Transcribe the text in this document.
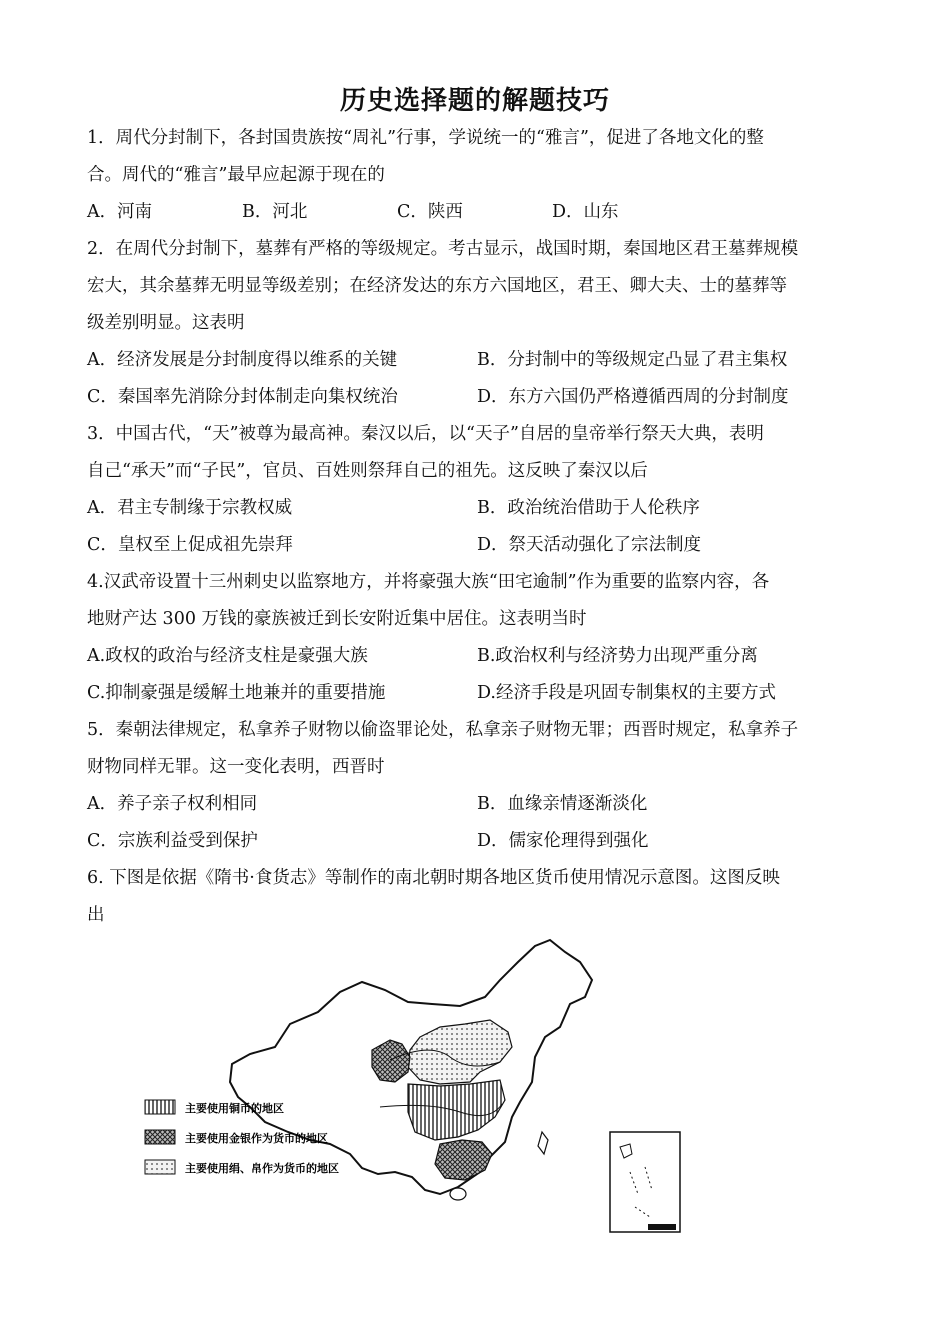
历史选择题的解题技巧

1．周代分封制下，各封国贵族按“周礼”行事，学说统一的“雅言”，促进了各地文化的整

合。周代的“雅言”最早应起源于现在的

A．河南	B．河北	C．陕西	D．山东

2．在周代分封制下，墓葬有严格的等级规定。考古显示，战国时期，秦国地区君王墓葬规模

宏大，其余墓葬无明显等级差别；在经济发达的东方六国地区，君王、卿大夫、士的墓葬等

级差别明显。这表明

A．经济发展是分封制度得以维系的关键	B．分封制中的等级规定凸显了君主集权
C．秦国率先消除分封体制走向集权统治	D．东方六国仍严格遵循西周的分封制度

3．中国古代，“天”被尊为最高神。秦汉以后，以“天子”自居的皇帝举行祭天大典，表明

自己“承天”而“子民”，官员、百姓则祭拜自己的祖先。这反映了秦汉以后

A．君主专制缘于宗教权威	B．政治统治借助于人伦秩序
C．皇权至上促成祖先崇拜	D．祭天活动强化了宗法制度

4.汉武帝设置十三州刺史以监察地方，并将豪强大族“田宅逾制”作为重要的监察内容，各

地财产达 300 万钱的豪族被迁到长安附近集中居住。这表明当时

A.政权的政治与经济支柱是豪强大族	B.政治权利与经济势力出现严重分离
C.抑制豪强是缓解土地兼并的重要措施	D.经济手段是巩固专制集权的主要方式

5．秦朝法律规定，私拿养子财物以偷盗罪论处，私拿亲子财物无罪；西晋时规定，私拿养子

财物同样无罪。这一变化表明，西晋时

A．养子亲子权利相同	B．血缘亲情逐渐淡化
C．宗族利益受到保护	D．儒家伦理得到强化

6. 下图是依据《隋书·食货志》等制作的南北朝时期各地区货币使用情况示意图。这图反映

出

主要使用铜币的地区
主要使用金银作为货币的地区
主要使用绢、帛作为货币的地区
